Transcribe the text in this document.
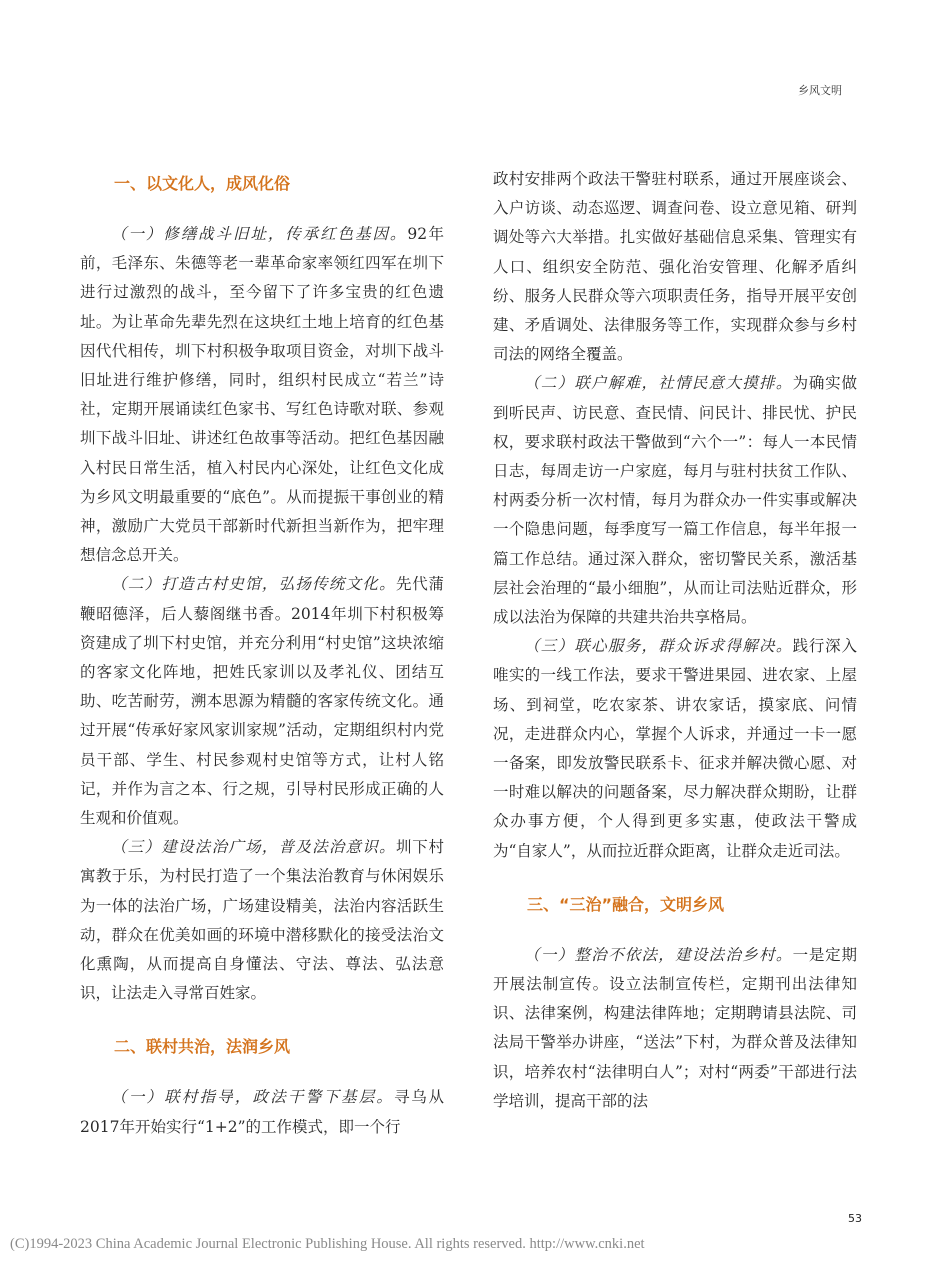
乡风文明
一、以文化人，成风化俗

（一）修缮战斗旧址，传承红色基因。92年前，毛泽东、朱德等老一辈革命家率领红四军在圳下进行过激烈的战斗，至今留下了许多宝贵的红色遗址。为让革命先辈先烈在这块红土地上培育的红色基因代代相传，圳下村积极争取项目资金，对圳下战斗旧址进行维护修缮，同时，组织村民成立“若兰”诗社，定期开展诵读红色家书、写红色诗歌对联、参观圳下战斗旧址、讲述红色故事等活动。把红色基因融入村民日常生活，植入村民内心深处，让红色文化成为乡风文明最重要的“底色”。从而提振干事创业的精神，激励广大党员干部新时代新担当新作为，把牢理想信念总开关。

（二）打造古村史馆，弘扬传统文化。先代蒲鞭昭德泽，后人藜阁继书香。2014年圳下村积极筹资建成了圳下村史馆，并充分利用“村史馆”这块浓缩的客家文化阵地，把姓氏家训以及孝礼仪、团结互助、吃苦耐劳，溯本思源为精髓的客家传统文化。通过开展“传承好家风家训家规”活动，定期组织村内党员干部、学生、村民参观村史馆等方式，让村人铭记，并作为言之本、行之规，引导村民形成正确的人生观和价值观。

（三）建设法治广场，普及法治意识。圳下村寓教于乐，为村民打造了一个集法治教育与休闲娱乐为一体的法治广场，广场建设精美，法治内容活跃生动，群众在优美如画的环境中潜移默化的接受法治文化熏陶，从而提高自身懂法、守法、尊法、弘法意识，让法走入寻常百姓家。

二、联村共治，法润乡风

（一）联村指导，政法干警下基层。寻乌从2017年开始实行“1+2”的工作模式，即一个行

政村安排两个政法干警驻村联系，通过开展座谈会、入户访谈、动态巡逻、调查问卷、设立意见箱、研判调处等六大举措。扎实做好基础信息采集、管理实有人口、组织安全防范、强化治安管理、化解矛盾纠纷、服务人民群众等六项职责任务，指导开展平安创建、矛盾调处、法律服务等工作，实现群众参与乡村司法的网络全覆盖。

（二）联户解难，社情民意大摸排。为确实做到听民声、访民意、查民情、问民计、排民忧、护民权，要求联村政法干警做到“六个一”：每人一本民情日志，每周走访一户家庭，每月与驻村扶贫工作队、村两委分析一次村情，每月为群众办一件实事或解决一个隐患问题，每季度写一篇工作信息，每半年报一篇工作总结。通过深入群众，密切警民关系，激活基层社会治理的“最小细胞”，从而让司法贴近群众，形成以法治为保障的共建共治共享格局。

（三）联心服务，群众诉求得解决。践行深入唯实的一线工作法，要求干警进果园、进农家、上屋场、到祠堂，吃农家茶、讲农家话，摸家底、问情况，走进群众内心，掌握个人诉求，并通过一卡一愿一备案，即发放警民联系卡、征求并解决微心愿、对一时难以解决的问题备案，尽力解决群众期盼，让群众办事方便，个人得到更多实惠，使政法干警成为“自家人”，从而拉近群众距离，让群众走近司法。

三、“三治”融合，文明乡风

（一）整治不依法，建设法治乡村。一是定期开展法制宣传。设立法制宣传栏，定期刊出法律知识、法律案例，构建法律阵地；定期聘请县法院、司法局干警举办讲座，“送法”下村，为群众普及法律知识，培养农村“法律明白人”；对村“两委”干部进行法学培训，提高干部的法

53
(C)1994-2023 China Academic Journal Electronic Publishing House. All rights reserved. http://www.cnki.net
